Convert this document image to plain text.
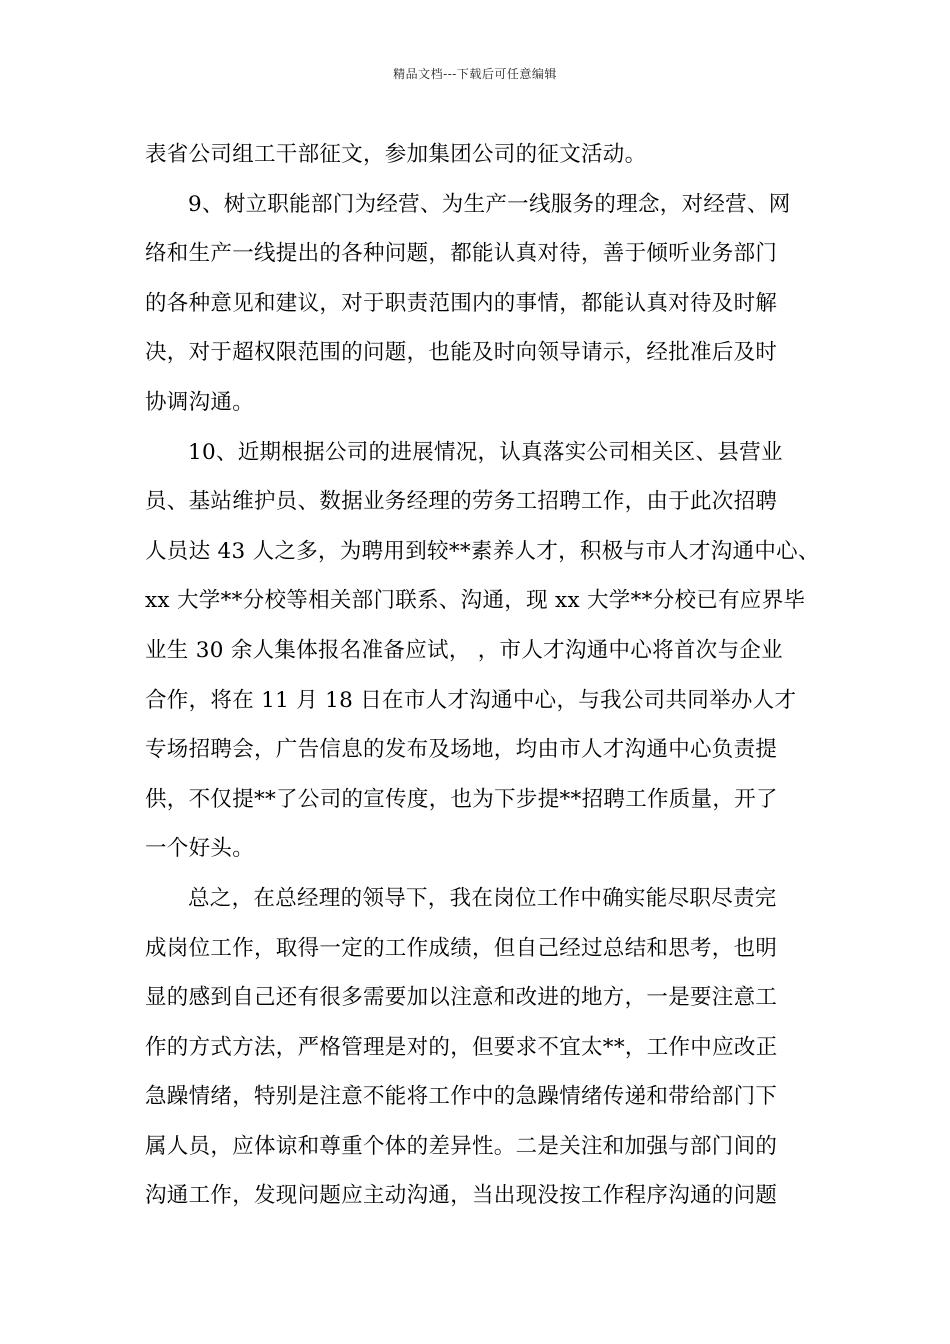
精品文档---下载后可任意编辑
表省公司组工干部征文，参加集团公司的征文活动。
9、树立职能部门为经营、为生产一线服务的理念，对经营、网
络和生产一线提出的各种问题，都能认真对待，善于倾听业务部门
的各种意见和建议，对于职责范围内的事情，都能认真对待及时解
决，对于超权限范围的问题，也能及时向领导请示，经批准后及时
协调沟通。
10、近期根据公司的进展情况，认真落实公司相关区、县营业
员、基站维护员、数据业务经理的劳务工招聘工作，由于此次招聘
人员达 43 人之多，为聘用到较**素养人才，积极与市人才沟通中心、
xx 大学**分校等相关部门联系、沟通，现 xx 大学**分校已有应界毕
业生 30 余人集体报名准备应试， ，市人才沟通中心将首次与企业
合作，将在 11 月 18 日在市人才沟通中心，与我公司共同举办人才
专场招聘会，广告信息的发布及场地，均由市人才沟通中心负责提
供，不仅提**了公司的宣传度，也为下步提**招聘工作质量，开了
一个好头。
总之，在总经理的领导下，我在岗位工作中确实能尽职尽责完
成岗位工作，取得一定的工作成绩，但自己经过总结和思考，也明
显的感到自己还有很多需要加以注意和改进的地方，一是要注意工
作的方式方法，严格管理是对的，但要求不宜太**，工作中应改正
急躁情绪，特别是注意不能将工作中的急躁情绪传递和带给部门下
属人员，应体谅和尊重个体的差异性。二是关注和加强与部门间的
沟通工作，发现问题应主动沟通，当出现没按工作程序沟通的问题
